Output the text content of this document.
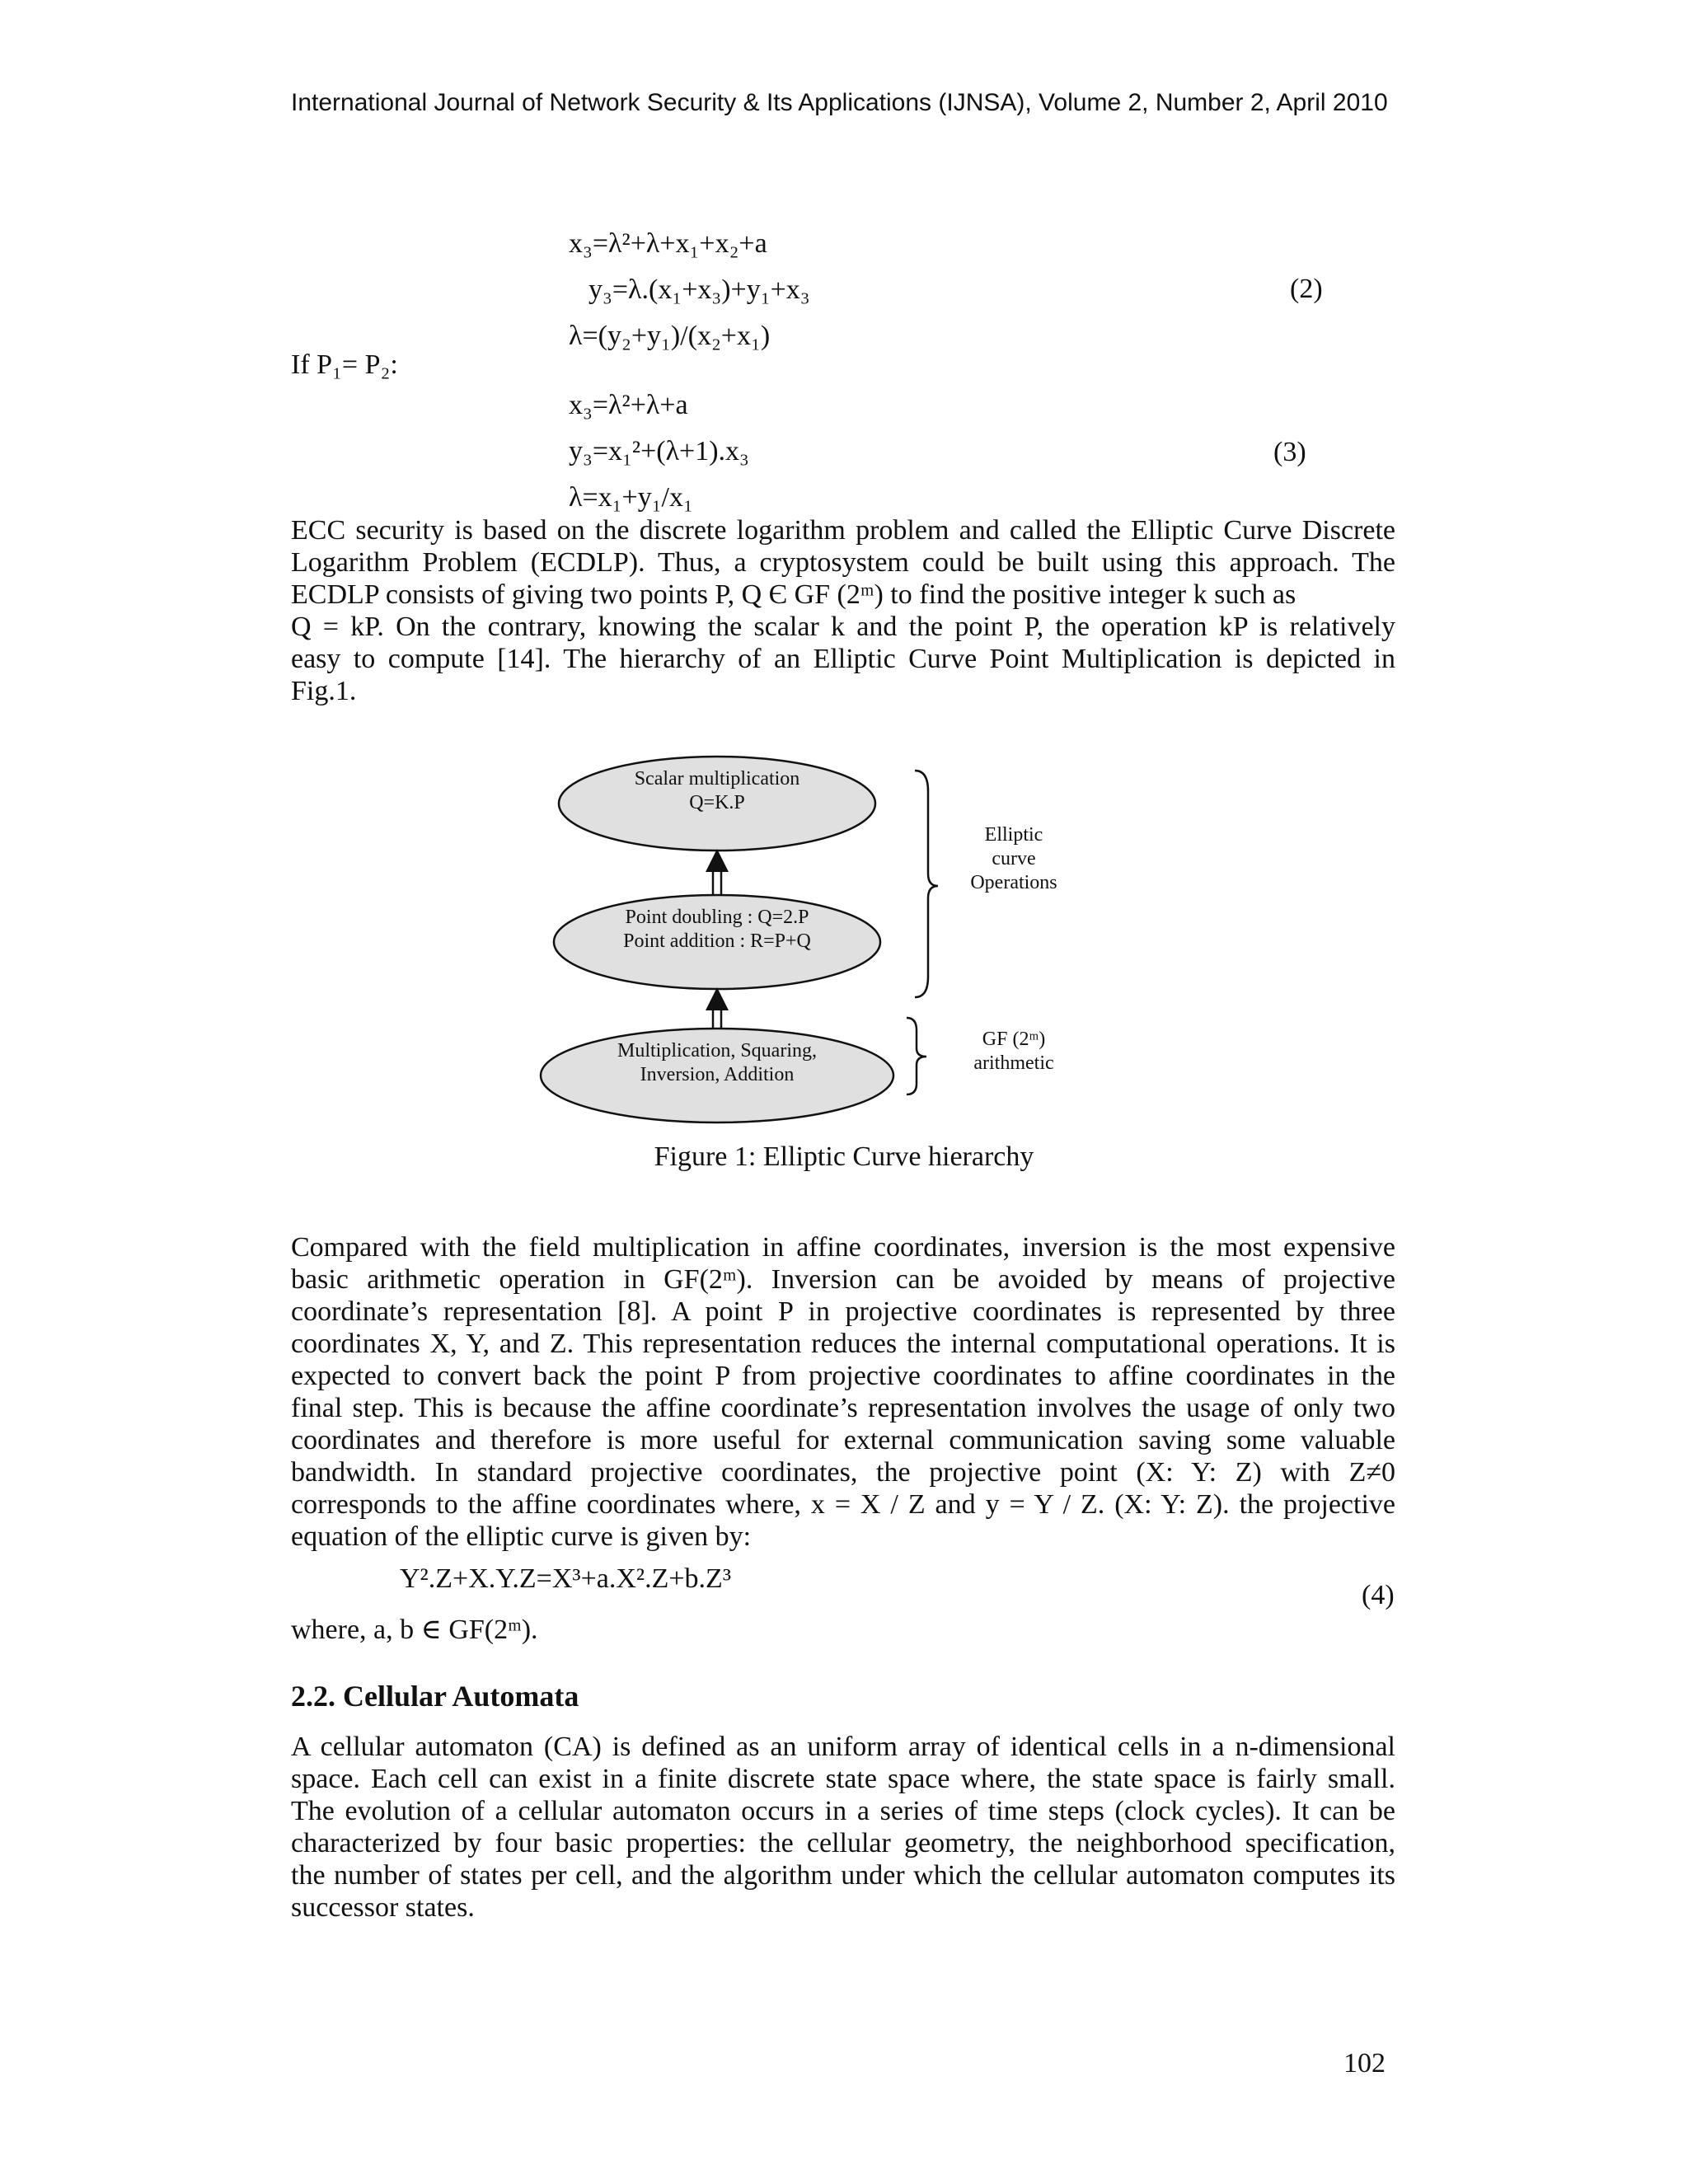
International Journal of Network Security & Its Applications (IJNSA), Volume 2, Number 2, April 2010
x₃=λ²+λ+x₁+x₂+a
y₃=λ.(x₁+x₃)+y₁+x₃
λ=(y₂+y₁)/(x₂+x₁)
(2)
If P₁= P₂:
x₃=λ²+λ+a
y₃=x₁²+(λ+1).x₃
λ=x₁+y₁/x₁
(3)
ECC security is based on the discrete logarithm problem and called the Elliptic Curve Discrete
Logarithm Problem (ECDLP). Thus, a cryptosystem could be built using this approach. The
ECDLP consists of giving two points P, Q Є GF (2ᵐ) to find the positive integer k such as
Q = kP. On the contrary, knowing the scalar k and the point P, the operation kP is relatively
easy to compute [14]. The hierarchy of an Elliptic Curve Point Multiplication is depicted in
Fig.1.
Scalar multiplication
Q=K.P
Point doubling : Q=2.P
Point addition : R=P+Q
Multiplication, Squaring,
Inversion, Addition
Elliptic
curve
Operations
GF (2ᵐ)
arithmetic
Figure 1: Elliptic Curve hierarchy
Compared with the field multiplication in affine coordinates, inversion is the most expensive
basic arithmetic operation in GF(2ᵐ). Inversion can be avoided by means of projective
coordinate’s representation [8]. A point P in projective coordinates is represented by three
coordinates X, Y, and Z. This representation reduces the internal computational operations. It is
expected to convert back the point P from projective coordinates to affine coordinates in the
final step. This is because the affine coordinate’s representation involves the usage of only two
coordinates and therefore is more useful for external communication saving some valuable
bandwidth. In standard projective coordinates, the projective point (X: Y: Z) with Z≠0
corresponds to the affine coordinates where, x = X / Z and y = Y / Z. (X: Y: Z). the projective
equation of the elliptic curve is given by:
Y².Z+X.Y.Z=X³+a.X².Z+b.Z³
(4)
where, a, b ∈ GF(2ᵐ).
2.2. Cellular Automata
A cellular automaton (CA) is defined as an uniform array of identical cells in a n-dimensional
space. Each cell can exist in a finite discrete state space where, the state space is fairly small.
The evolution of a cellular automaton occurs in a series of time steps (clock cycles). It can be
characterized by four basic properties: the cellular geometry, the neighborhood specification,
the number of states per cell, and the algorithm under which the cellular automaton computes its
successor states.
102
